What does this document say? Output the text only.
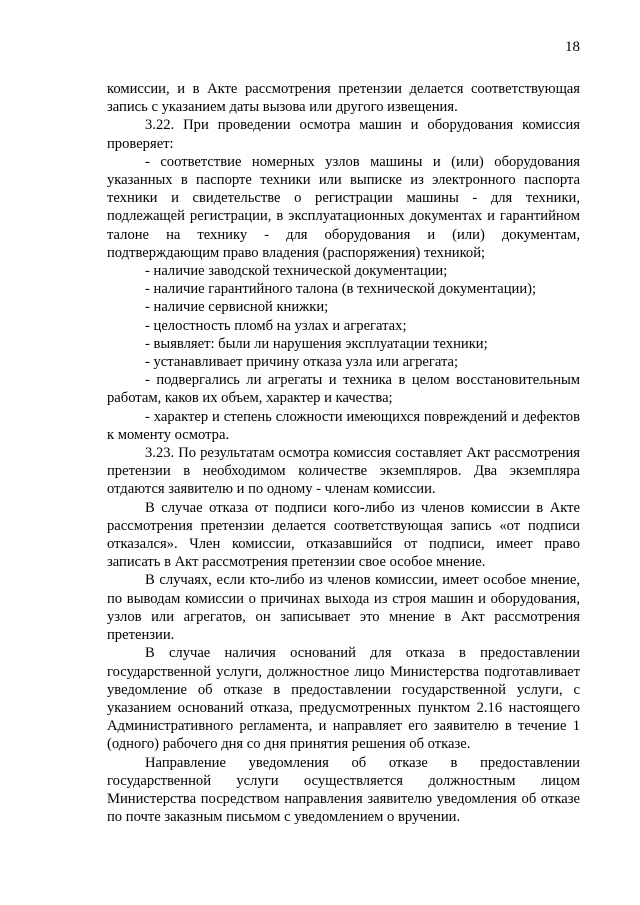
18

комиссии, и в Акте рассмотрения претензии делается соответствующая запись с указанием даты вызова или другого извещения.

3.22. При проведении осмотра машин и оборудования комиссия проверяет:

- соответствие номерных узлов машины и (или) оборудования указанных в паспорте техники или выписке из электронного паспорта техники и свидетельстве о регистрации машины - для техники, подлежащей регистрации, в эксплуатационных документах и гарантийном талоне на технику - для оборудования и (или) документам, подтверждающим право владения (распоряжения) техникой;

- наличие заводской технической документации;

- наличие гарантийного талона (в технической документации);

- наличие сервисной книжки;

- целостность пломб на узлах и агрегатах;

- выявляет: были ли нарушения эксплуатации техники;

- устанавливает причину отказа узла или агрегата;

- подвергались ли агрегаты и техника в целом восстановительным работам, каков их объем, характер и качества;

- характер и степень сложности имеющихся повреждений и дефектов к моменту осмотра.

3.23. По результатам осмотра комиссия составляет Акт рассмотрения претензии в необходимом количестве экземпляров. Два экземпляра отдаются заявителю и по одному - членам комиссии.

В случае отказа от подписи кого-либо из членов комиссии в Акте рассмотрения претензии делается соответствующая запись «от подписи отказался». Член комиссии, отказавшийся от подписи, имеет право записать в Акт рассмотрения претензии свое особое мнение.

В случаях, если кто-либо из членов комиссии, имеет особое мнение, по выводам комиссии о причинах выхода из строя машин и оборудования, узлов или агрегатов, он записывает это мнение в Акт рассмотрения претензии.

В случае наличия оснований для отказа в предоставлении государственной услуги, должностное лицо Министерства подготавливает уведомление об отказе в предоставлении государственной услуги, с указанием оснований отказа, предусмотренных пунктом 2.16 настоящего Административного регламента, и направляет его заявителю в течение 1 (одного) рабочего дня со дня принятия решения об отказе.

Направление уведомления об отказе в предоставлении государственной услуги осуществляется должностным лицом Министерства посредством направления заявителю уведомления об отказе по почте заказным письмом с уведомлением о вручении.
